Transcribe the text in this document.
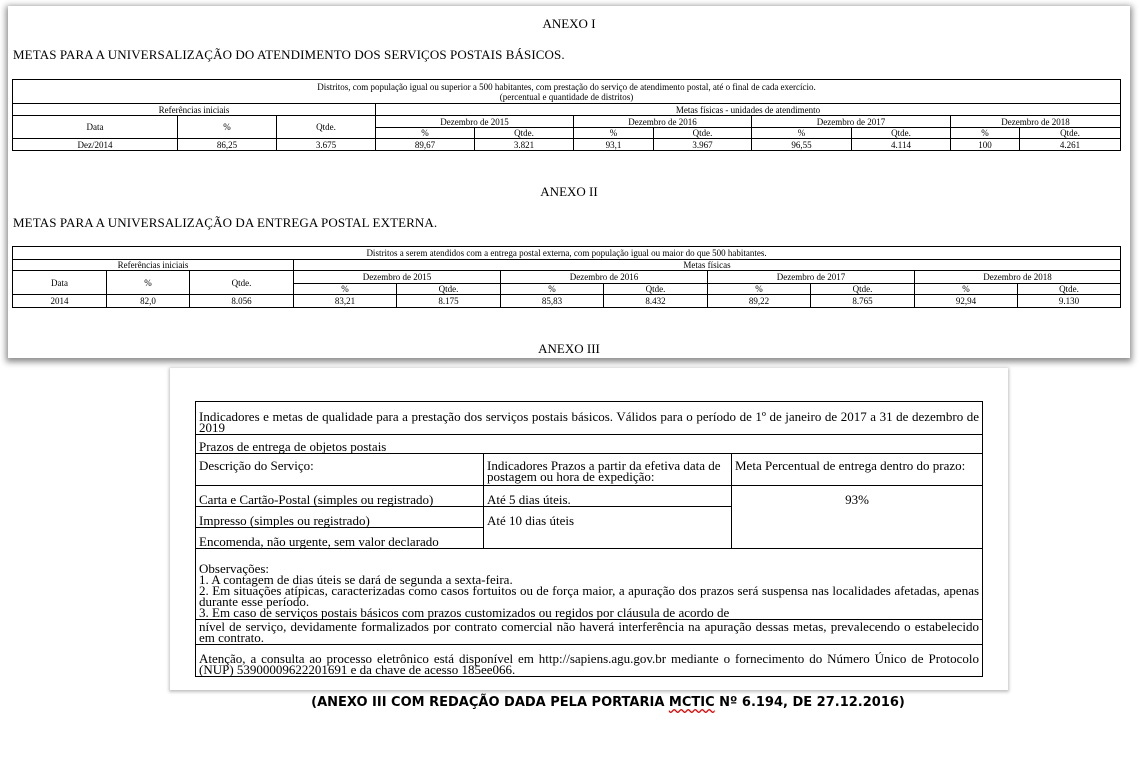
ANEXO I
METAS PARA A UNIVERSALIZAÇÃO DO ATENDIMENTO DOS SERVIÇOS POSTAIS BÁSICOS.
Distritos, com população igual ou superior a 500 habitantes, com prestação do serviço de atendimento postal, até o final de cada exercício.
(percentual e quantidade de distritos)										
Referências iniciais			Metas físicas - unidades de atendimento							
Data	%	Qtde.	Dezembro de 2015		Dezembro de 2016		Dezembro de 2017		Dezembro de 2018	
			%	Qtde.	%	Qtde.	%	Qtde.	%	Qtde.
Dez/2014	86,25	3.675	89,67	3.821	93,1	3.967	96,55	4.114	100	4.261
ANEXO II
METAS PARA A UNIVERSALIZAÇÃO DA ENTREGA POSTAL EXTERNA.
Distritos a serem atendidos com a entrega postal externa, com população igual ou maior do que 500 habitantes.										
Referências iniciais			Metas físicas							
Data	%	Qtde.	Dezembro de 2015		Dezembro de 2016		Dezembro de 2017		Dezembro de 2018	
			%	Qtde.	%	Qtde.	%	Qtde.	%	Qtde.
2014	82,0	8.056	83,21	8.175	85,83	8.432	89,22	8.765	92,94	9.130
ANEXO III
Indicadores e metas de qualidade para a prestação dos serviços postais básicos. Válidos para o período de 1º de janeiro de 2017 a 31 de dezembro de 2019		
Prazos de entrega de objetos postais		
Descrição do Serviço:	Indicadores Prazos a partir da efetiva data de postagem ou hora de expedição:	Meta Percentual de entrega dentro do prazo:
Carta e Cartão-Postal (simples ou registrado)	Até 5 dias úteis.	93%
Impresso (simples ou registrado)	Até 10 dias úteis	
Encomenda, não urgente, sem valor declarado		

Observações:
1. A contagem de dias úteis se dará de segunda a sexta-feira.
2. Em situações atípicas, caracterizadas como casos fortuitos ou de força maior, a apuração dos prazos será suspensa nas localidades afetadas, apenas durante esse período.
3. Em caso de serviços postais básicos com prazos customizados ou regidos por cláusula de acordo de		

nível de serviço, devidamente formalizados por contrato comercial não haverá interferência na apuração dessas metas, prevalecendo o estabelecido em contrato.		
Atenção, a consulta ao processo eletrônico está disponível em http://sapiens.agu.gov.br mediante o fornecimento do Número Único de Protocolo (NUP) 53900009622201691 e da chave de acesso 185ee066.		
(ANEXO III COM REDAÇÃO DADA PELA PORTARIA MCTIC Nº 6.194, DE 27.12.2016)
